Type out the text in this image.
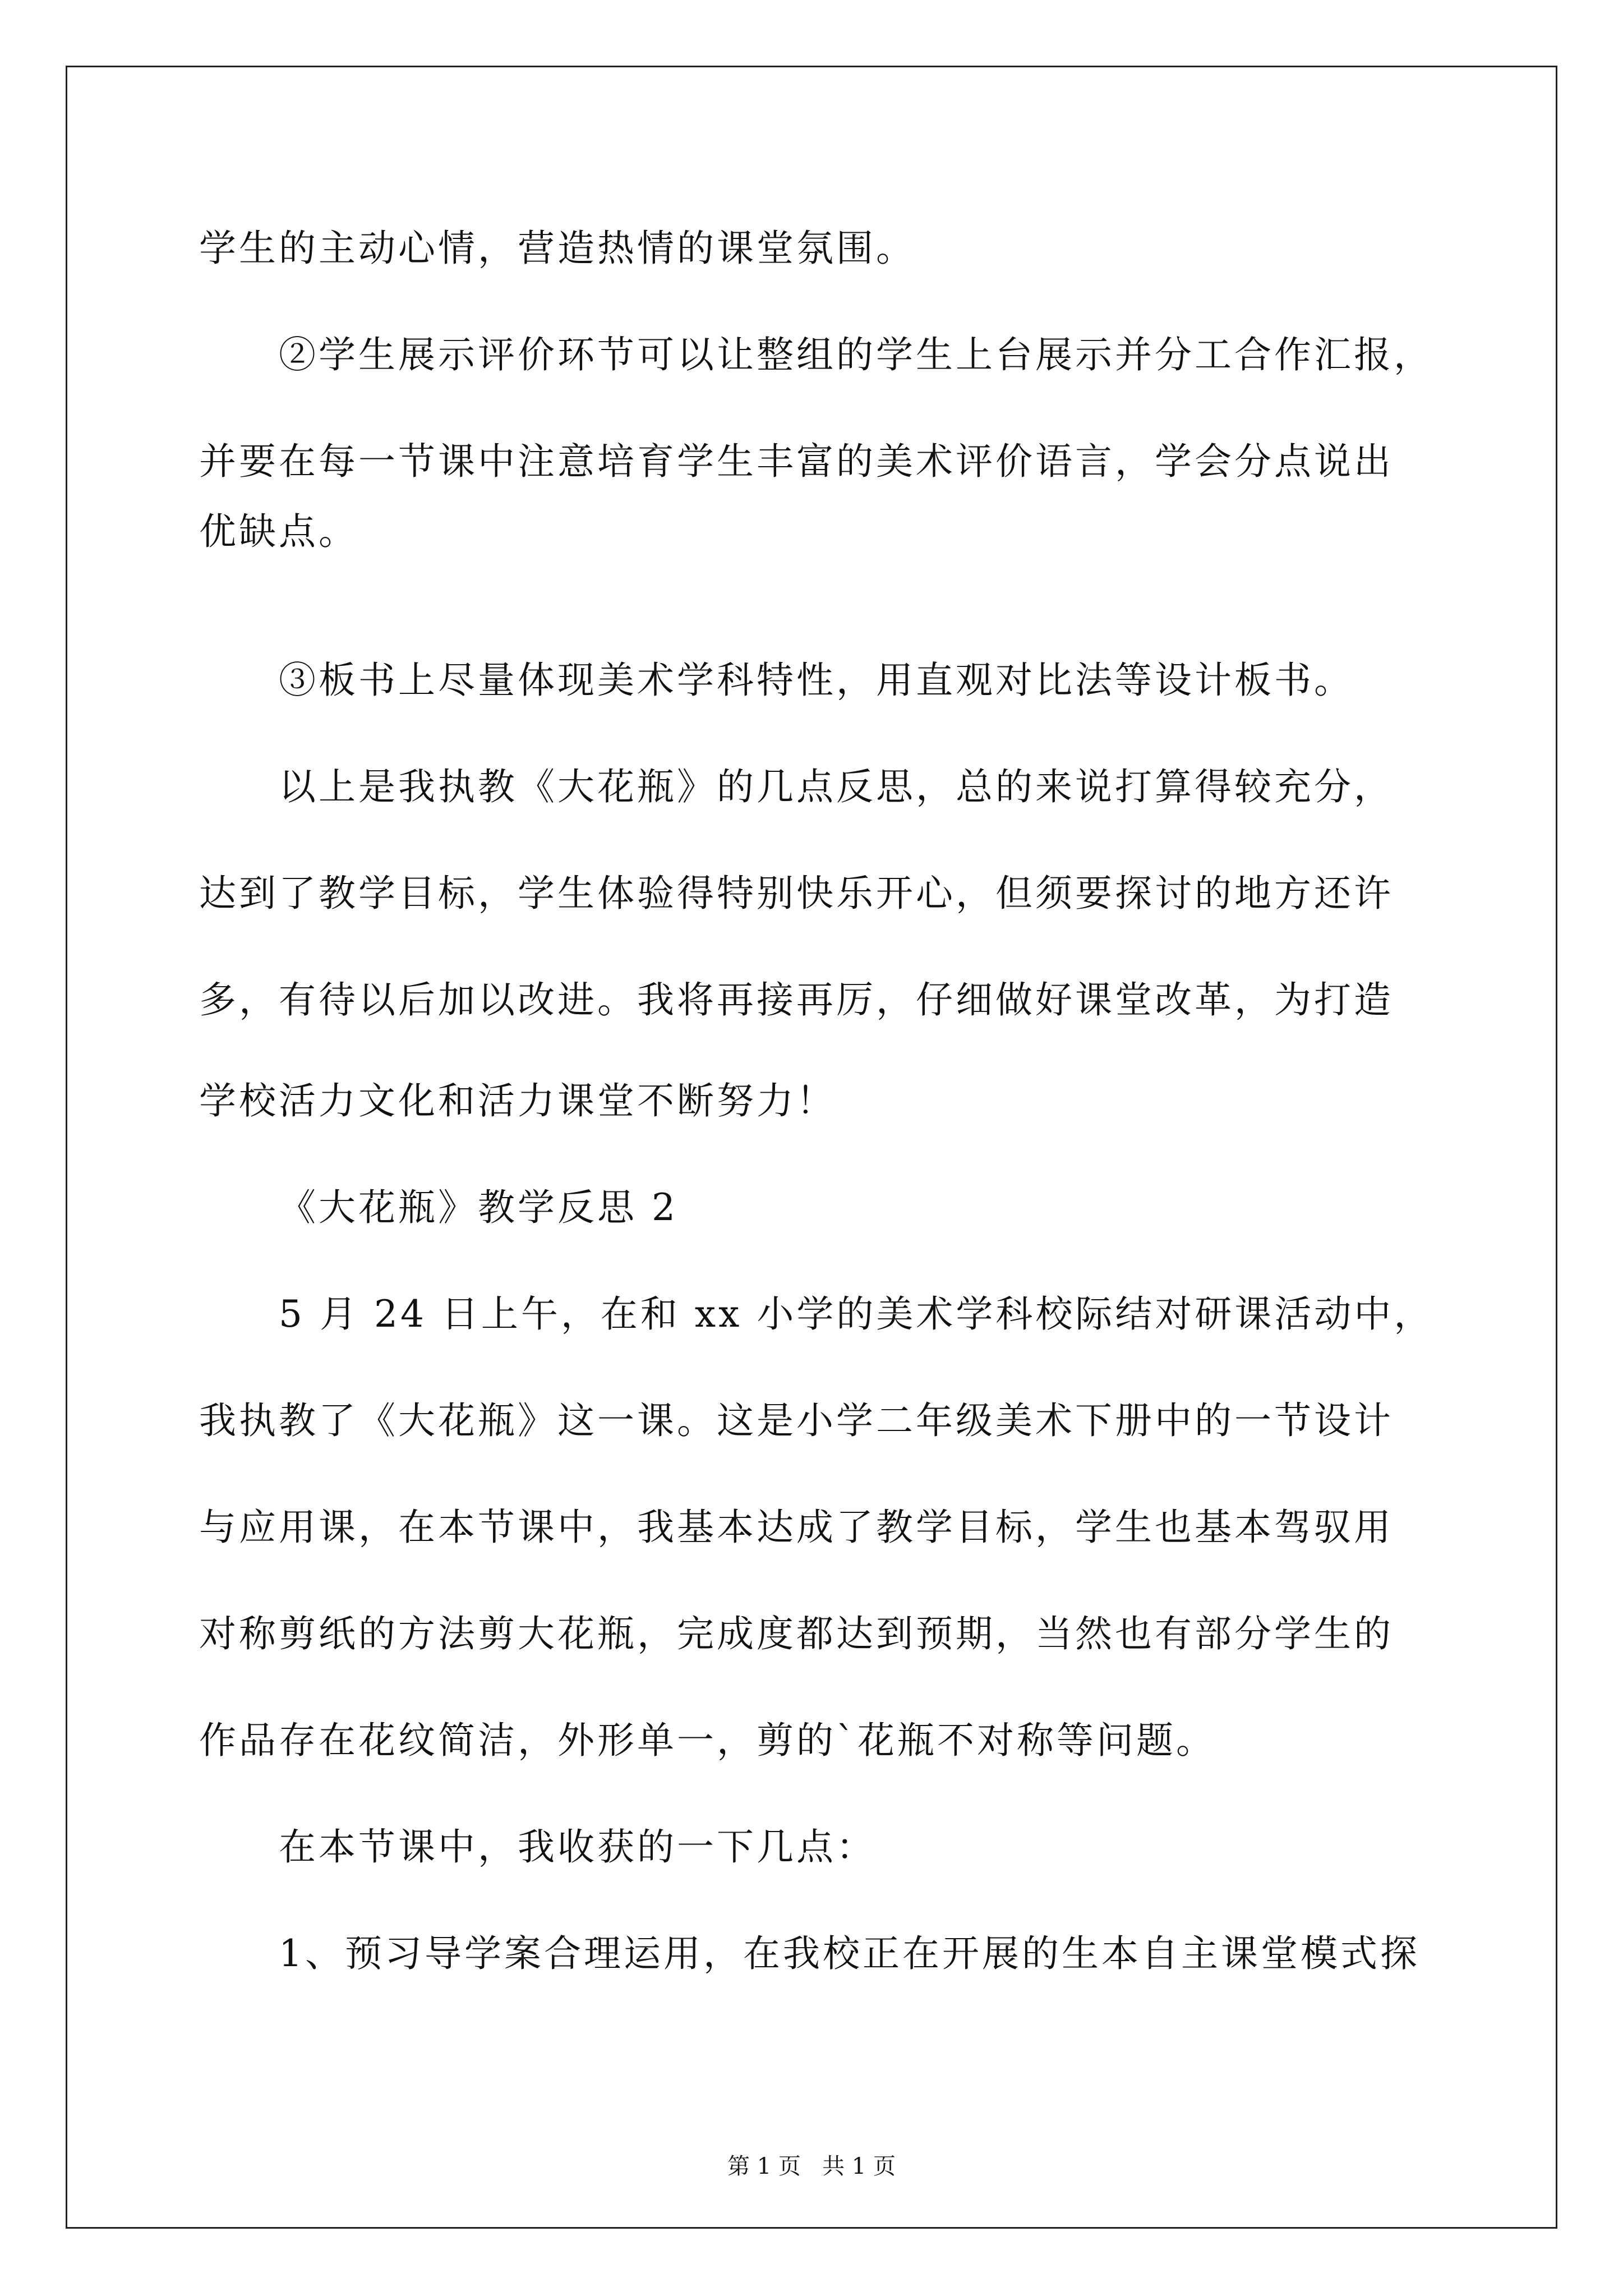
学生的主动心情，营造热情的课堂氛围。
②学生展示评价环节可以让整组的学生上台展示并分工合作汇报，
并要在每一节课中注意培育学生丰富的美术评价语言，学会分点说出
优缺点。
③板书上尽量体现美术学科特性，用直观对比法等设计板书。
以上是我执教《大花瓶》的几点反思，总的来说打算得较充分，
达到了教学目标，学生体验得特别快乐开心，但须要探讨的地方还许
多，有待以后加以改进。我将再接再厉，仔细做好课堂改革，为打造
学校活力文化和活力课堂不断努力！
《大花瓶》教学反思 2
5 月 24 日上午，在和 xx 小学的美术学科校际结对研课活动中，
我执教了《大花瓶》这一课。这是小学二年级美术下册中的一节设计
与应用课，在本节课中，我基本达成了教学目标，学生也基本驾驭用
对称剪纸的方法剪大花瓶，完成度都达到预期，当然也有部分学生的
作品存在花纹简洁，外形单一，剪的`花瓶不对称等问题。
在本节课中，我收获的一下几点：
1、预习导学案合理运用，在我校正在开展的生本自主课堂模式探
第 1 页   共 1 页
